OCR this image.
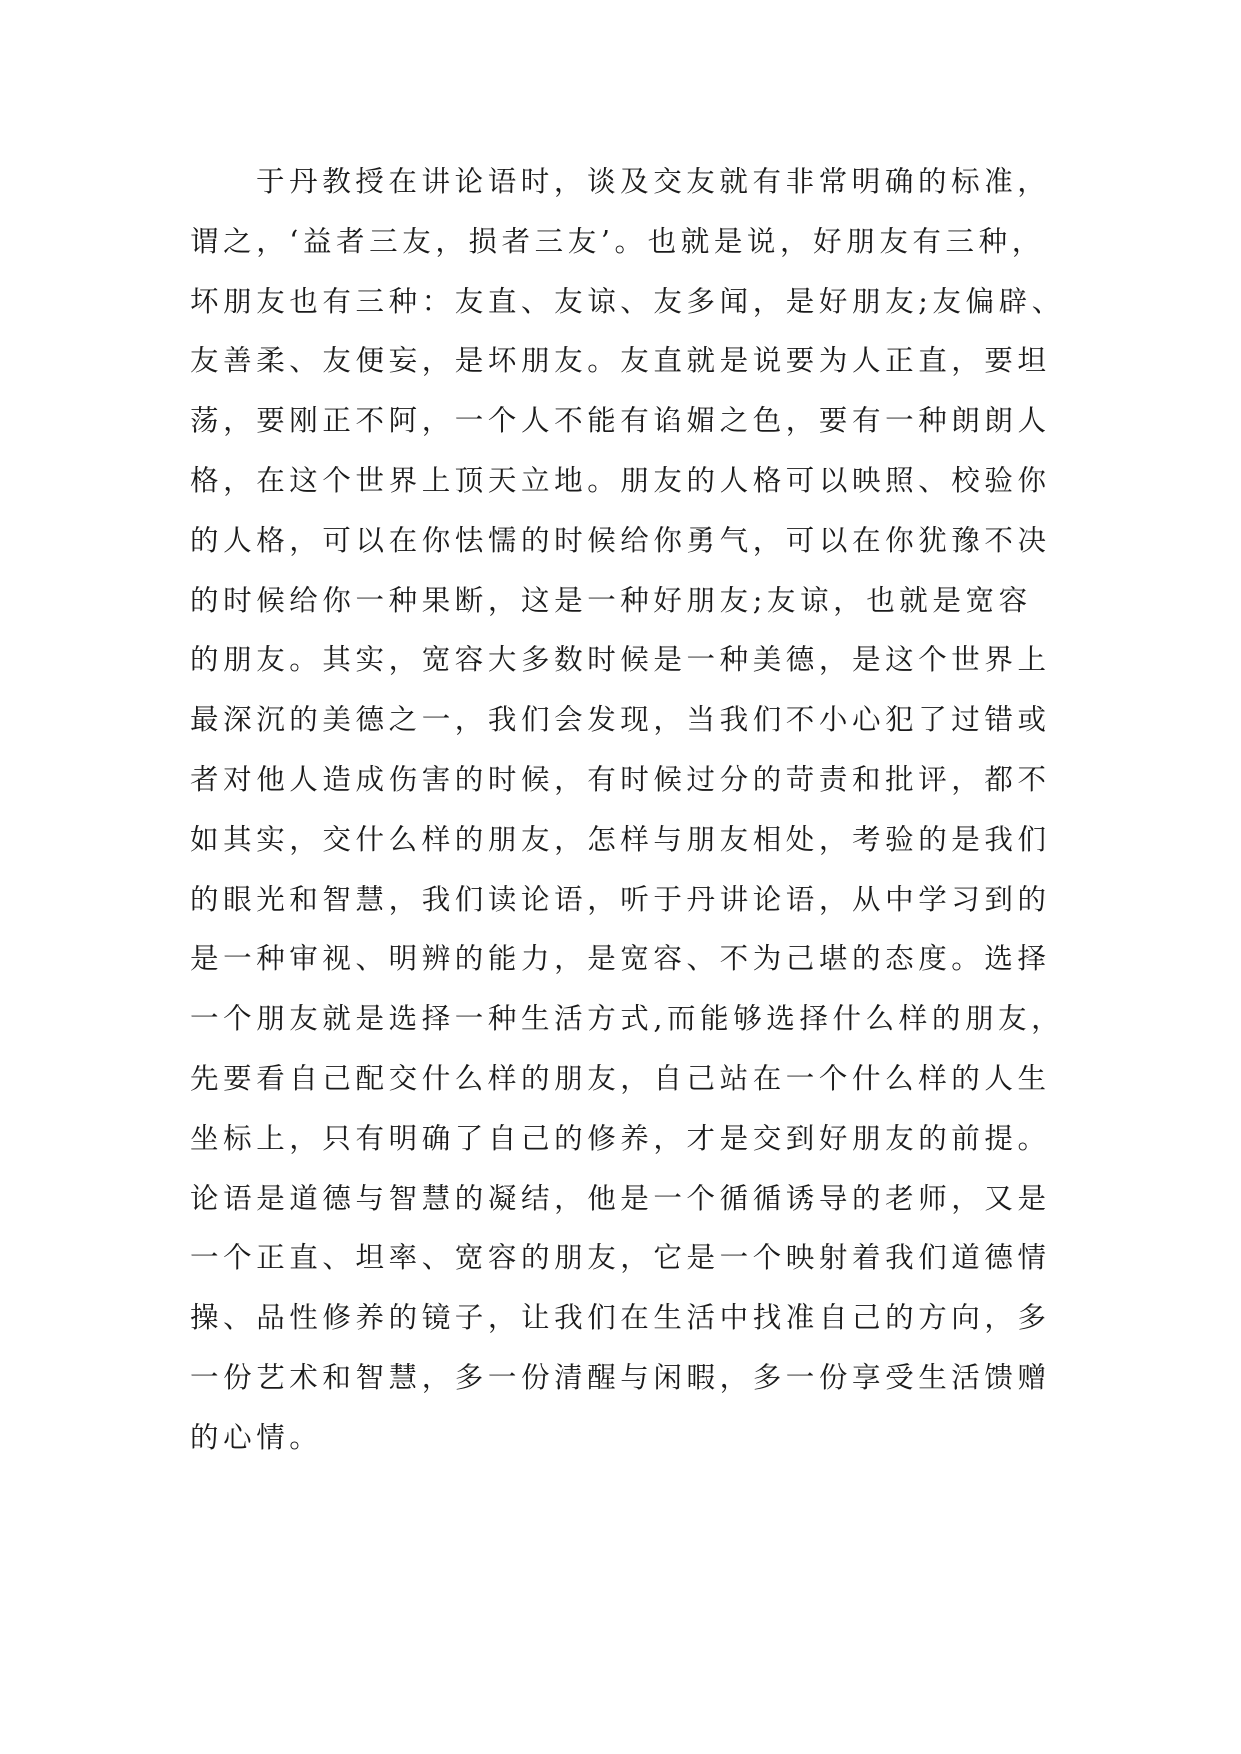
于丹教授在讲论语时，谈及交友就有非常明确的标准，
谓之，‘益者三友，损者三友’。也就是说，好朋友有三种，
坏朋友也有三种：友直、友谅、友多闻，是好朋友;友偏辟、
友善柔、友便妄，是坏朋友。友直就是说要为人正直，要坦
荡，要刚正不阿，一个人不能有谄媚之色，要有一种朗朗人
格，在这个世界上顶天立地。朋友的人格可以映照、校验你
的人格，可以在你怯懦的时候给你勇气，可以在你犹豫不决
的时候给你一种果断，这是一种好朋友;友谅，也就是宽容
的朋友。其实，宽容大多数时候是一种美德，是这个世界上
最深沉的美德之一，我们会发现，当我们不小心犯了过错或
者对他人造成伤害的时候，有时候过分的苛责和批评，都不
如其实，交什么样的朋友，怎样与朋友相处，考验的是我们
的眼光和智慧，我们读论语，听于丹讲论语，从中学习到的
是一种审视、明辨的能力，是宽容、不为己堪的态度。选择
一个朋友就是选择一种生活方式,而能够选择什么样的朋友，
先要看自己配交什么样的朋友，自己站在一个什么样的人生
坐标上，只有明确了自己的修养，才是交到好朋友的前提。
论语是道德与智慧的凝结，他是一个循循诱导的老师，又是
一个正直、坦率、宽容的朋友，它是一个映射着我们道德情
操、品性修养的镜子，让我们在生活中找准自己的方向，多
一份艺术和智慧，多一份清醒与闲暇，多一份享受生活馈赠
的心情。
